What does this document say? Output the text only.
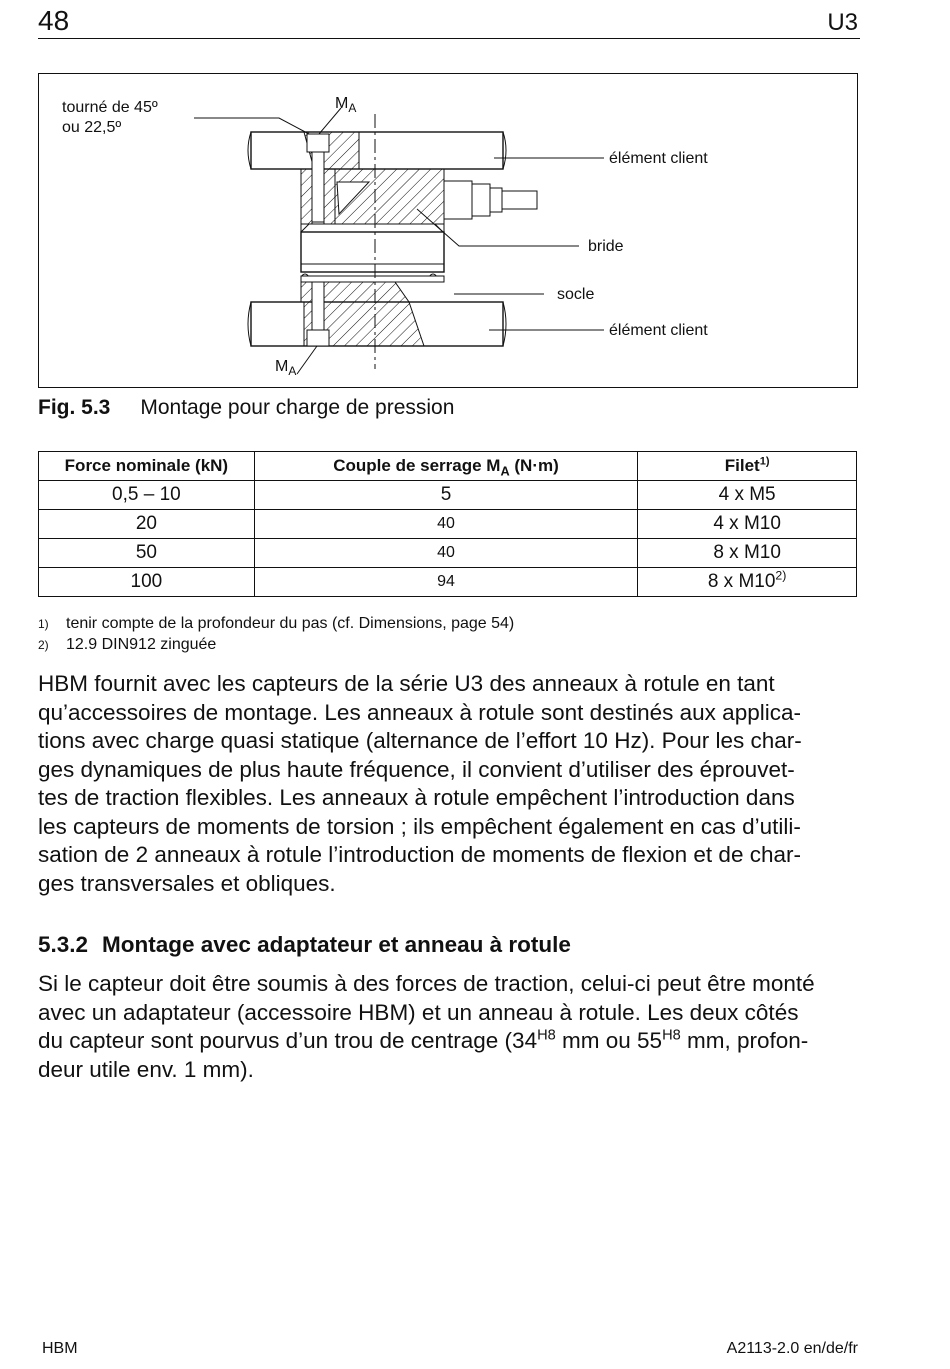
48	U3
tourné de 45º
ou 22,5º
$M_A$
élément client
bride
socle
élément client
$M_A$
Fig. 5.3 Montage pour charge de pression
Force nominale (kN)	Couple de serrage $M_A$ (N·m)	Filet$^{1)}$
0,5 – 10	5	4 x M5
20	40	4 x M10
50	40	8 x M10
100	94	8 x M10$^{2)}$
1) tenir compte de la profondeur du pas (cf. Dimensions, page 54)
2) 12.9 DIN912 zinguée
HBM fournit avec les capteurs de la série U3 des anneaux à rotule en tant
qu’accessoires de montage. Les anneaux à rotule sont destinés aux applica-
tions avec charge quasi statique (alternance de l’effort 10 Hz). Pour les char-
ges dynamiques de plus haute fréquence, il convient d’utiliser des éprouvet-
tes de traction flexibles. Les anneaux à rotule empêchent l’introduction dans
les capteurs de moments de torsion ; ils empêchent également en cas d’utili-
sation de 2 anneaux à rotule l’introduction de moments de flexion et de char-
ges transversales et obliques.
5.3.2 Montage avec adaptateur et anneau à rotule
Si le capteur doit être soumis à des forces de traction, celui-ci peut être monté
avec un adaptateur (accessoire HBM) et un anneau à rotule. Les deux côtés
du capteur sont pourvus d’un trou de centrage ($34^{H8}$ mm ou $55^{H8}$ mm, profon-
deur utile env. 1 mm).
HBM	A2113-2.0 en/de/fr
